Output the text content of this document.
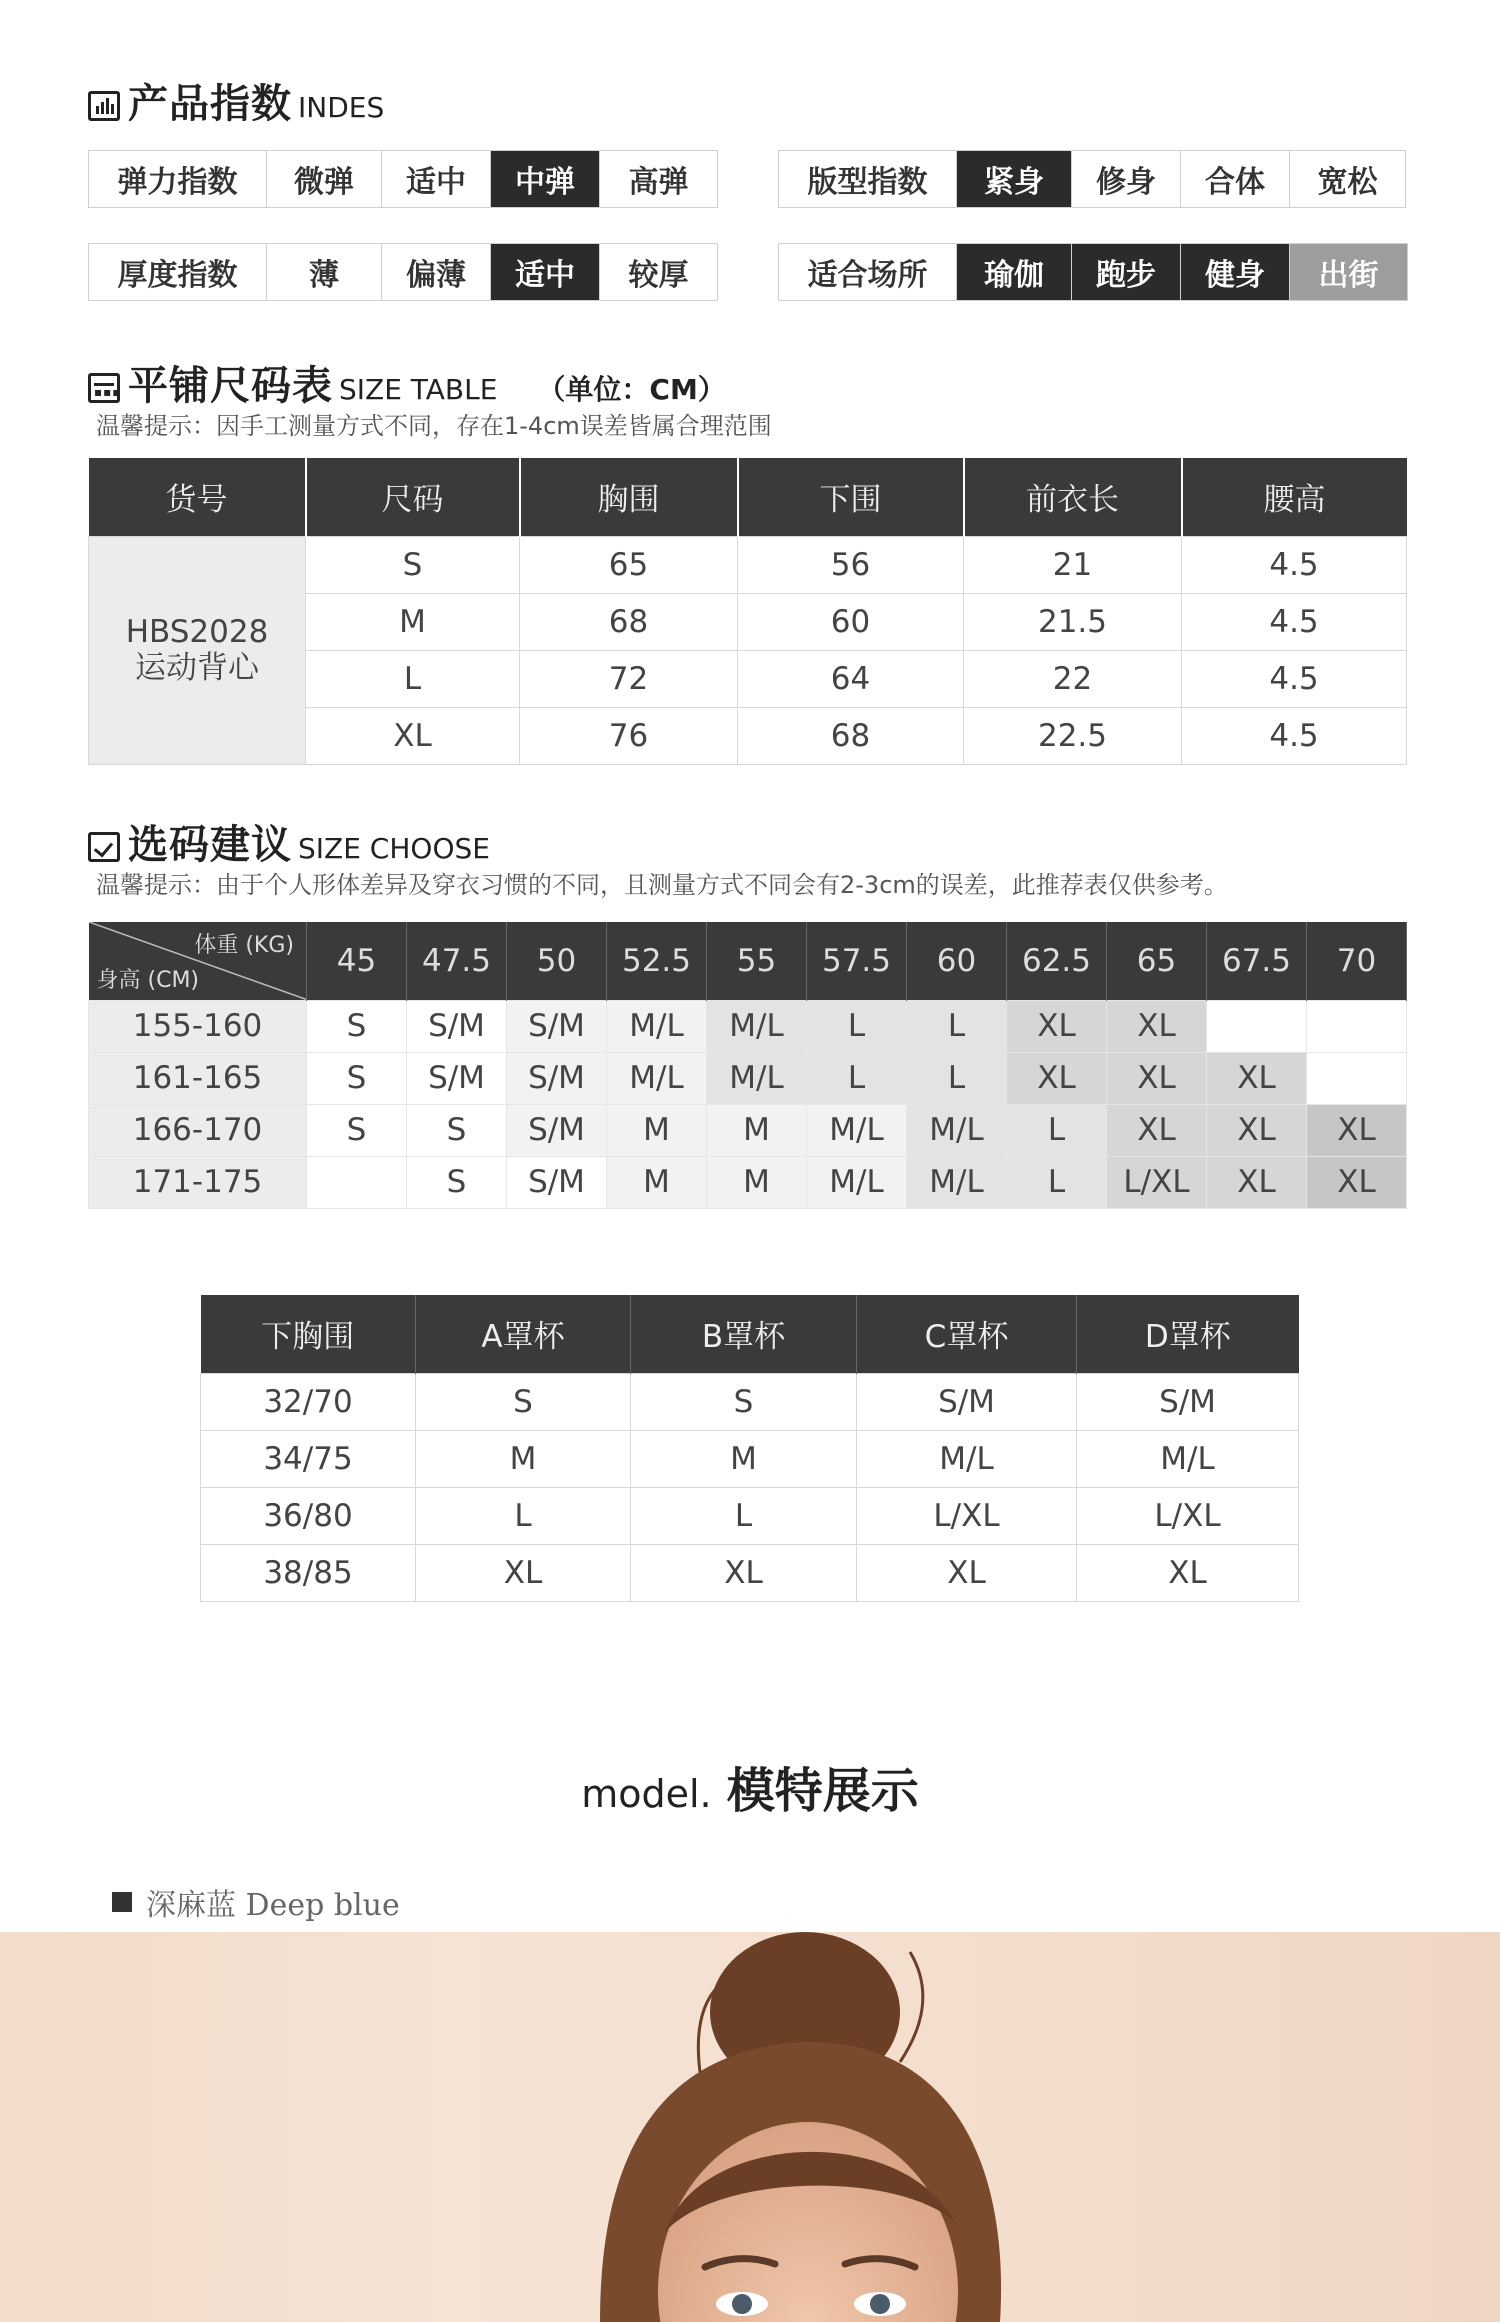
产品指数 INDES
弹力指数	微弹	适中	中弹	高弹	版型指数	紧身	修身	合体	宽松
厚度指数	薄	偏薄	适中	较厚	适合场所	瑜伽	跑步	健身	出街
▪▪▪
平铺尺码表 SIZE TABLE （单位：CM）
温馨提示：因手工测量方式不同，存在1-4cm误差皆属合理范围
货号	尺码	胸围	下围	前衣长	腰高

HBS2028
运动背心	S	65	56	21	4.5
	M	68	60	21.5	4.5
	L	72	64	22	4.5
	XL	76	68	22.5	4.5
选码建议 SIZE CHOOSE
温馨提示：由于个人形体差异及穿衣习惯的不同，且测量方式不同会有2-3cm的误差，此推荐表仅供参考。
体重 (KG)
身高 (CM)	45	47.5	50	52.5	55	57.5	60	62.5	65	67.5	70
155-160	S	S/M	S/M	M/L	M/L	L	L	XL	XL		
161-165	S	S/M	S/M	M/L	M/L	L	L	XL	XL	XL	
166-170	S	S	S/M	M	M	M/L	M/L	L	XL	XL	XL
171-175		S	S/M	M	M	M/L	M/L	L	L/XL	XL	XL
下胸围	A罩杯	B罩杯	C罩杯	D罩杯
32/70	S	S	S/M	S/M
34/75	M	M	M/L	M/L
36/80	L	L	L/XL	L/XL
38/85	XL	XL	XL	XL
model. 模特展示
深麻蓝 Deep blue
